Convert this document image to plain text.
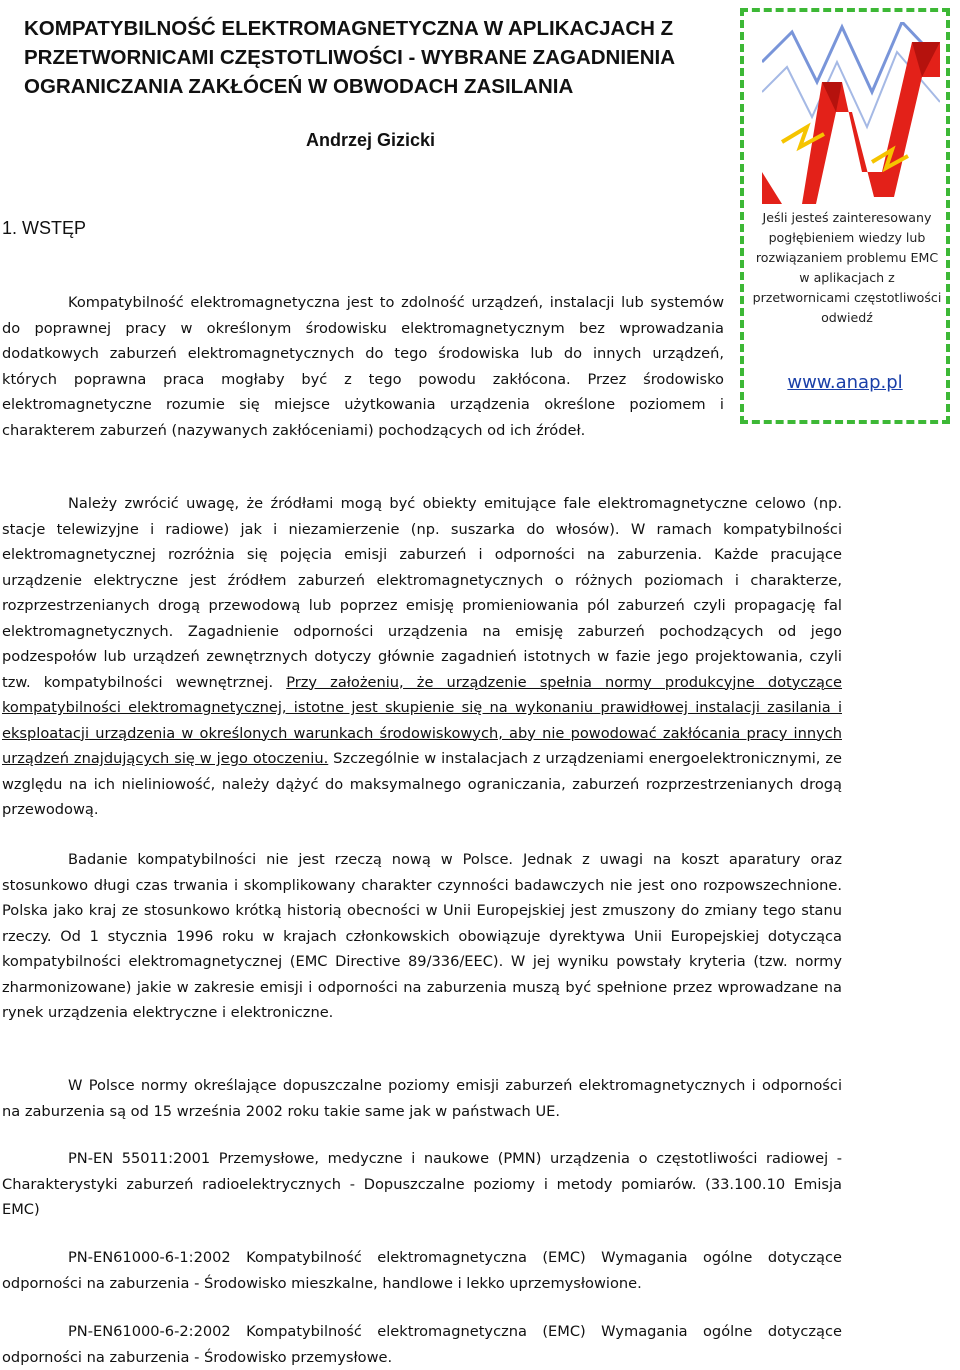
KOMPATYBILNOŚĆ ELEKTROMAGNETYCZNA W APLIKACJACH Z PRZETWORNICAMI CZĘSTOTLIWOŚCI - WYBRANE ZAGADNIENIA OGRANICZANIA ZAKŁÓCEŃ W OBWODACH ZASILANIA

Andrzej Gizicki

1. WSTĘP

Kompatybilność elektromagnetyczna jest to zdolność urządzeń, instalacji lub systemów do poprawnej pracy w określonym środowisku elektromagnetycznym bez wprowadzania dodatkowych zaburzeń elektromagnetycznych do tego środowiska lub do innych urządzeń, których poprawna praca mogłaby być z tego powodu zakłócona. Przez środowisko elektromagnetyczne rozumie się miejsce użytkowania urządzenia określone poziomem i charakterem zaburzeń (nazywanych zakłóceniami) pochodzących od ich źródeł.

Należy zwrócić uwagę, że źródłami mogą być obiekty emitujące fale elektromagnetyczne celowo (np. stacje telewizyjne i radiowe) jak i niezamierzenie (np. suszarka do włosów). W ramach kompatybilności elektromagnetycznej rozróżnia się pojęcia emisji zaburzeń i odporności na zaburzenia. Każde pracujące urządzenie elektryczne jest źródłem zaburzeń elektromagnetycznych o różnych poziomach i charakterze, rozprzestrzenianych drogą przewodową lub poprzez emisję promieniowania pól zaburzeń czyli propagację fal elektromagnetycznych. Zagadnienie odporności urządzenia na emisję zaburzeń pochodzących od jego podzespołów lub urządzeń zewnętrznych dotyczy głównie zagadnień istotnych w fazie jego projektowania, czyli tzw. kompatybilności wewnętrznej. Przy założeniu, że urządzenie spełnia normy produkcyjne dotyczące kompatybilności elektromagnetycznej, istotne jest skupienie się na wykonaniu prawidłowej instalacji zasilania i eksploatacji urządzenia w określonych warunkach środowiskowych, aby nie powodować zakłócania pracy innych urządzeń znajdujących się w jego otoczeniu. Szczególnie w instalacjach z urządzeniami energoelektronicznymi, ze względu na ich nieliniowość, należy dążyć do maksymalnego ograniczania, zaburzeń rozprzestrzenianych drogą przewodową.

Badanie kompatybilności nie jest rzeczą nową w Polsce. Jednak z uwagi na koszt aparatury oraz stosunkowo długi czas trwania i skomplikowany charakter czynności badawczych nie jest ono rozpowszechnione. Polska jako kraj ze stosunkowo krótką historią obecności w Unii Europejskiej jest zmuszony do zmiany tego stanu rzeczy. Od 1 stycznia 1996 roku w krajach członkowskich obowiązuje dyrektywa Unii Europejskiej dotycząca kompatybilności elektromagnetycznej (EMC Directive 89/336/EEC). W jej wyniku powstały kryteria (tzw. normy zharmonizowane) jakie w zakresie emisji i odporności na zaburzenia muszą być spełnione przez wprowadzane na rynek urządzenia elektryczne i elektroniczne.

W Polsce normy określające dopuszczalne poziomy emisji zaburzeń elektromagnetycznych i odporności na zaburzenia są od 15 września 2002 roku takie same jak w państwach UE.

PN-EN 55011:2001 Przemysłowe, medyczne i naukowe (PMN) urządzenia o częstotliwości radiowej - Charakterystyki zaburzeń radioelektrycznych - Dopuszczalne poziomy i metody pomiarów. (33.100.10 Emisja EMC)

PN-EN61000-6-1:2002 Kompatybilność elektromagnetyczna (EMC) Wymagania ogólne dotyczące odporności na zaburzenia - Środowisko mieszkalne, handlowe i lekko uprzemysłowione.

PN-EN61000-6-2:2002 Kompatybilność elektromagnetyczna (EMC) Wymagania ogólne dotyczące odporności na zaburzenia - Środowisko przemysłowe.

Jeśli jesteś zainteresowany pogłębieniem wiedzy lub rozwiązaniem problemu EMC w aplikacjach z przetwornicami częstotliwości odwiedź

www.anap.pl
